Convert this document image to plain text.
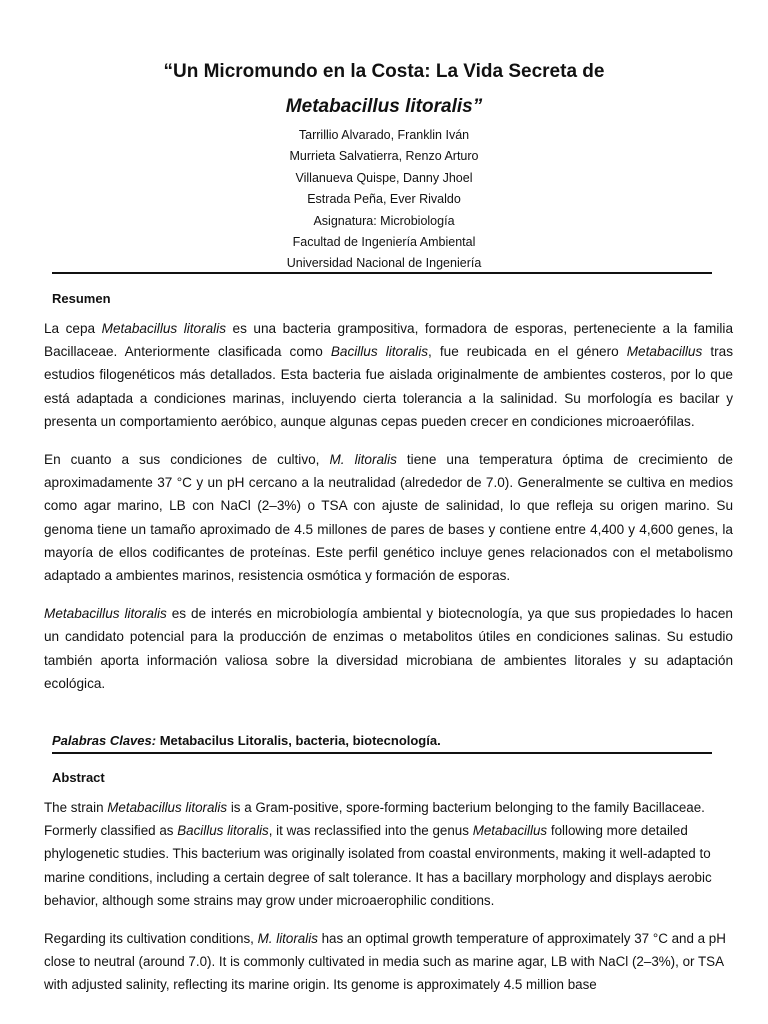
“Un Micromundo en la Costa: La Vida Secreta de
Metabacillus litoralis”
Tarrillio Alvarado, Franklin Iván
Murrieta Salvatierra, Renzo Arturo
Villanueva Quispe, Danny Jhoel
Estrada Peña, Ever Rivaldo
Asignatura: Microbiología
Facultad de Ingeniería Ambiental
Universidad Nacional de Ingeniería
Resumen

La cepa Metabacillus litoralis es una bacteria grampositiva, formadora de esporas, perteneciente a la familia Bacillaceae. Anteriormente clasificada como Bacillus litoralis, fue reubicada en el género Metabacillus tras estudios filogenéticos más detallados. Esta bacteria fue aislada originalmente de ambientes costeros, por lo que está adaptada a condiciones marinas, incluyendo cierta tolerancia a la salinidad. Su morfología es bacilar y presenta un comportamiento aeróbico, aunque algunas cepas pueden crecer en condiciones microaerófilas.

En cuanto a sus condiciones de cultivo, M. litoralis tiene una temperatura óptima de crecimiento de aproximadamente 37 °C y un pH cercano a la neutralidad (alrededor de 7.0). Generalmente se cultiva en medios como agar marino, LB con NaCl (2–3%) o TSA con ajuste de salinidad, lo que refleja su origen marino. Su genoma tiene un tamaño aproximado de 4.5 millones de pares de bases y contiene entre 4,400 y 4,600 genes, la mayoría de ellos codificantes de proteínas. Este perfil genético incluye genes relacionados con el metabolismo adaptado a ambientes marinos, resistencia osmótica y formación de esporas.

Metabacillus litoralis es de interés en microbiología ambiental y biotecnología, ya que sus propiedades lo hacen un candidato potencial para la producción de enzimas o metabolitos útiles en condiciones salinas. Su estudio también aporta información valiosa sobre la diversidad microbiana de ambientes litorales y su adaptación ecológica.

Palabras Claves: Metabacilus Litoralis, bacteria, biotecnología.
Abstract

The strain Metabacillus litoralis is a Gram-positive, spore-forming bacterium belonging to the family Bacillaceae. Formerly classified as Bacillus litoralis, it was reclassified into the genus Metabacillus following more detailed phylogenetic studies. This bacterium was originally isolated from coastal environments, making it well-adapted to marine conditions, including a certain degree of salt tolerance. It has a bacillary morphology and displays aerobic behavior, although some strains may grow under microaerophilic conditions.

Regarding its cultivation conditions, M. litoralis has an optimal growth temperature of approximately 37 °C and a pH close to neutral (around 7.0). It is commonly cultivated in media such as marine agar, LB with NaCl (2–3%), or TSA with adjusted salinity, reflecting its marine origin. Its genome is approximately 4.5 million base
